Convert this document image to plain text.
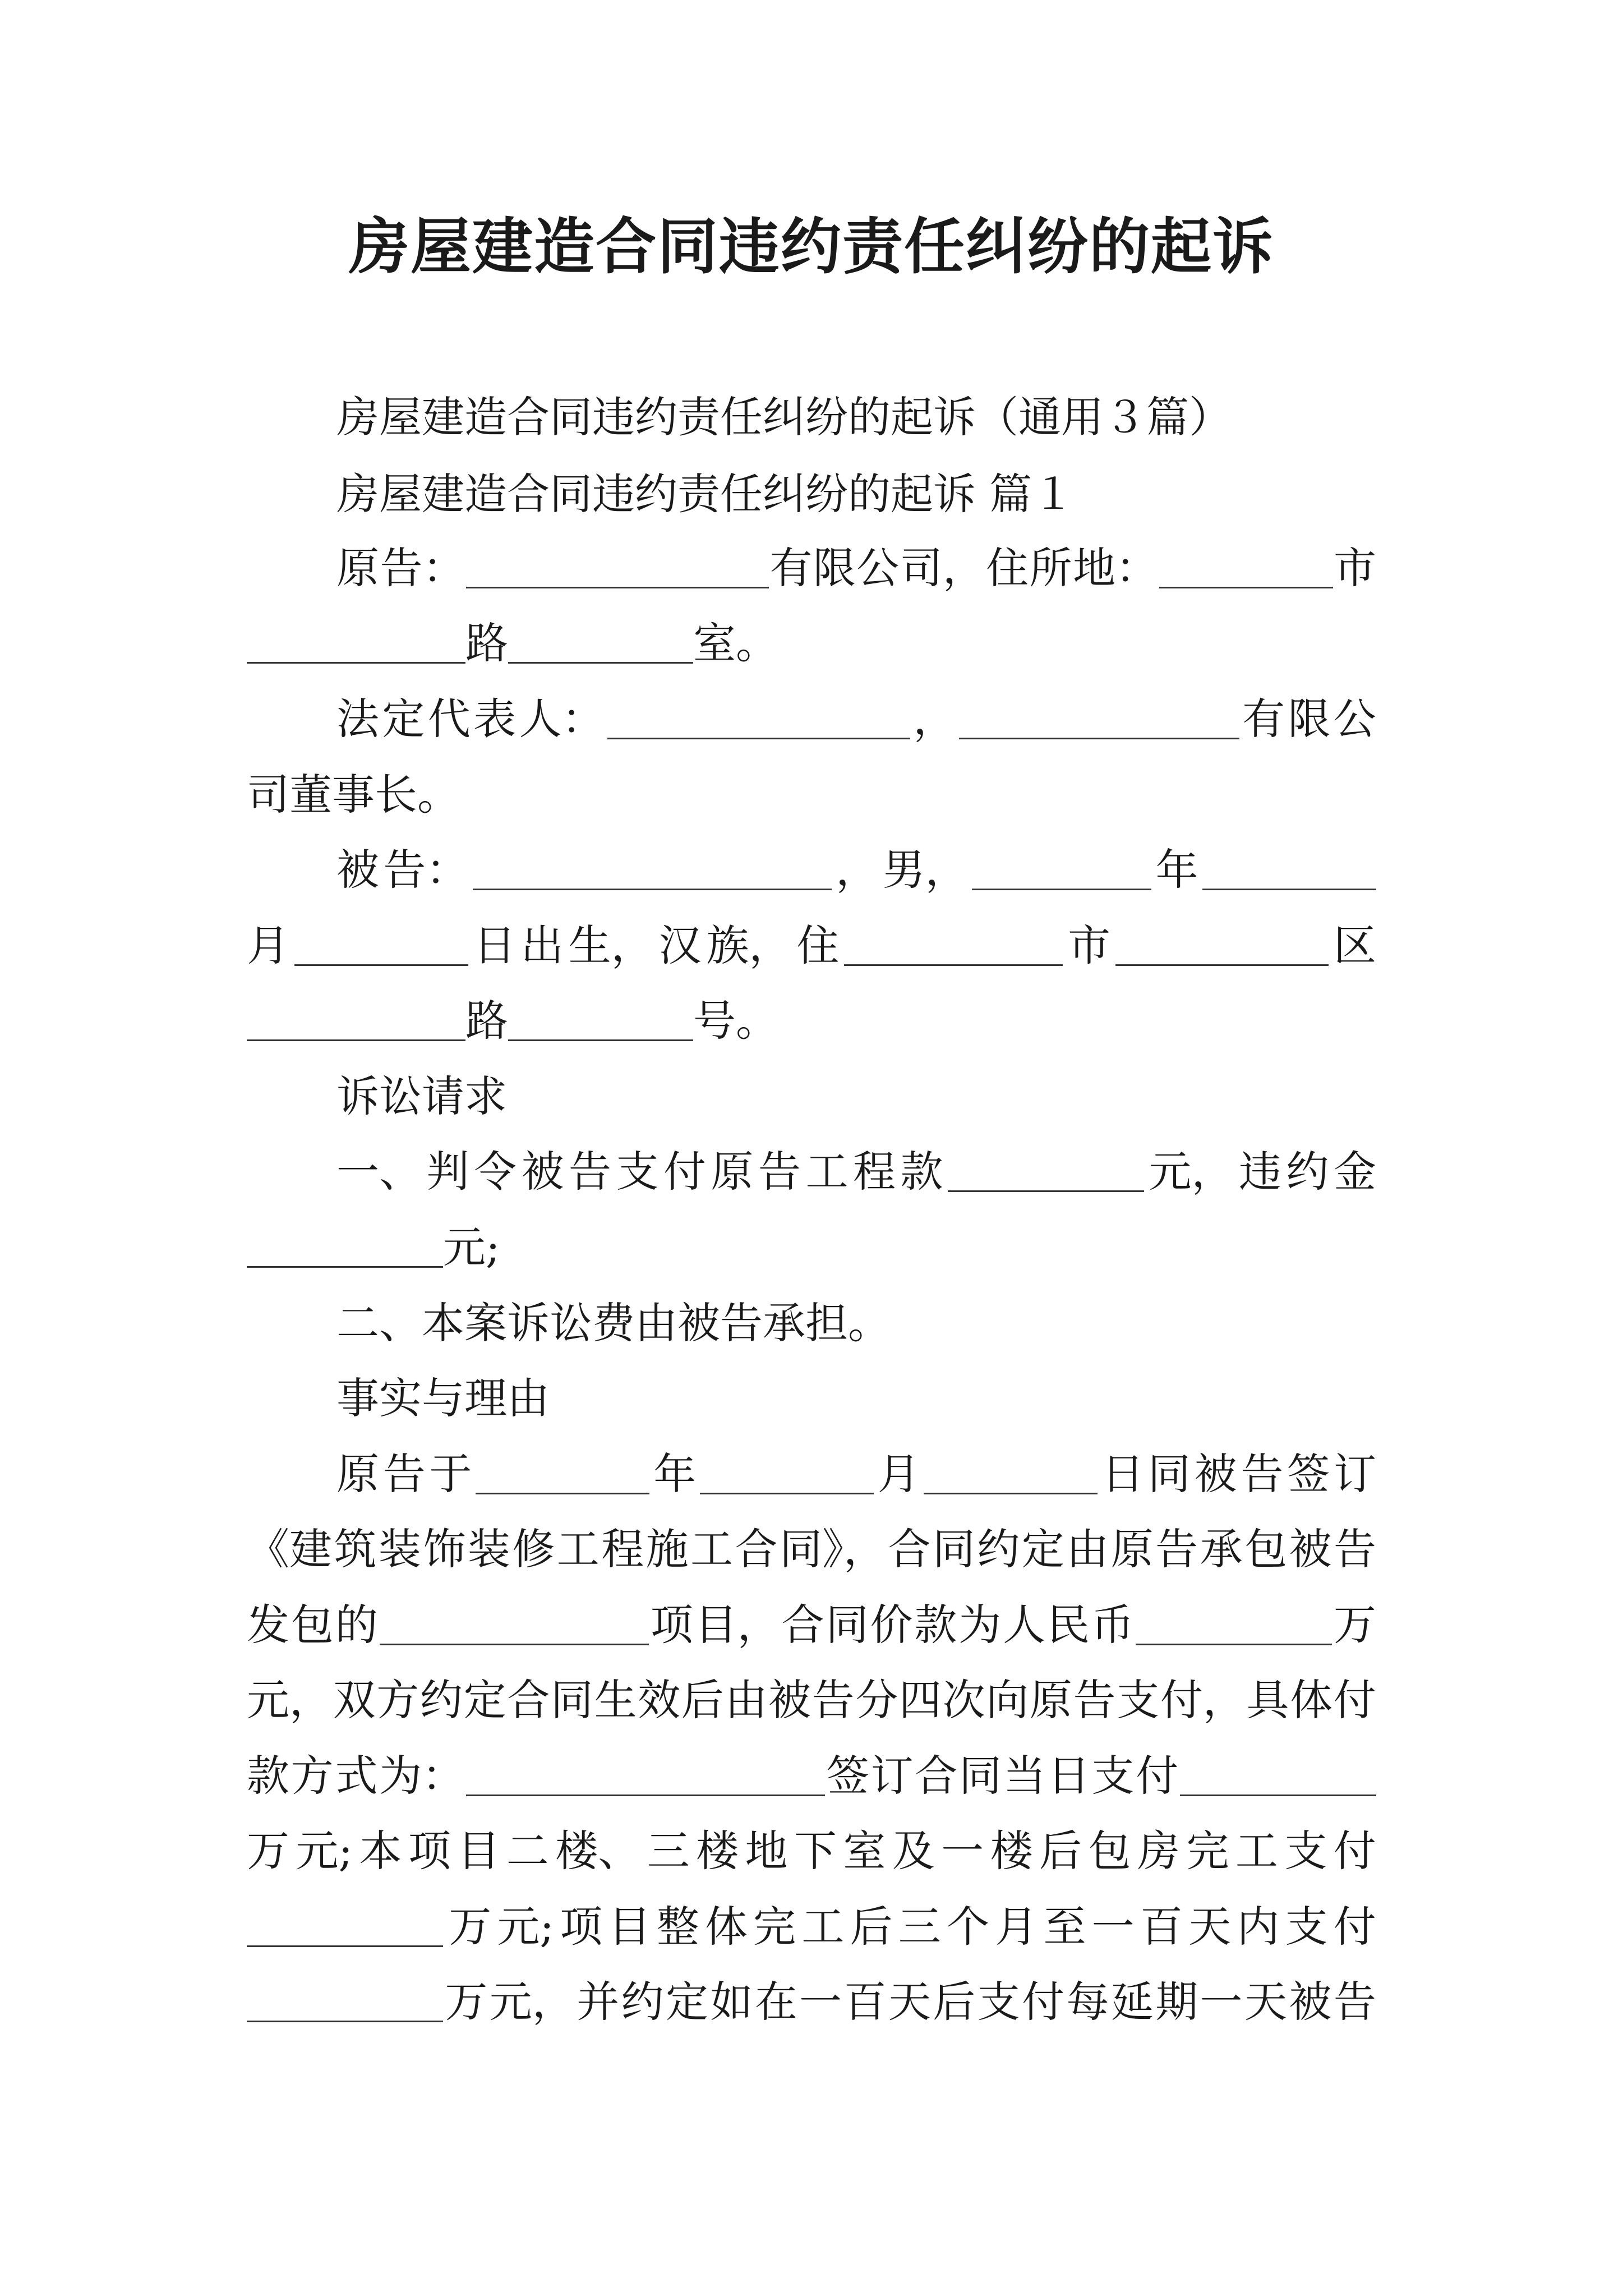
房屋建造合同违约责任纠纷的起诉
房屋建造合同违约责任纠纷的起诉（通用３篇）
房屋建造合同违约责任纠纷的起诉 篇１
原 告：	有 限 公 司， 住 所 地：	市
路	室。
法 定 代 表 人：	，	有 限 公
司董事长。
被 告：	， 男，	年
月	日 出 生， 汉 族， 住	市	区
路	号。
诉讼请求
一、 判 令 被 告 支 付 原 告 工 程 款	元， 违 约 金
元;
二、本案诉讼费由被告承担。
事实与理由
原 告 于	年	月	日 同 被 告 签 订
《建 筑 装 饰 装 修 工 程 施 工 合 同》， 合 同 约 定 由 原 告 承 包 被 告
发 包 的	项 目， 合 同 价 款 为 人 民 币	万
元， 双 方 约 定 合 同 生 效 后 由 被 告 分 四 次 向 原 告 支 付， 具 体 付
款 方 式 为：	签 订 合 同 当 日 支 付
万 元; 本 项 目 二 楼、 三 楼 地 下 室 及 一 楼 后 包 房 完 工 支 付
万 元; 项 目 整 体 完 工 后 三 个 月 至 一 百 天 内 支 付
万 元， 并 约 定 如 在 一 百 天 后 支 付 每 延 期 一 天 被 告
